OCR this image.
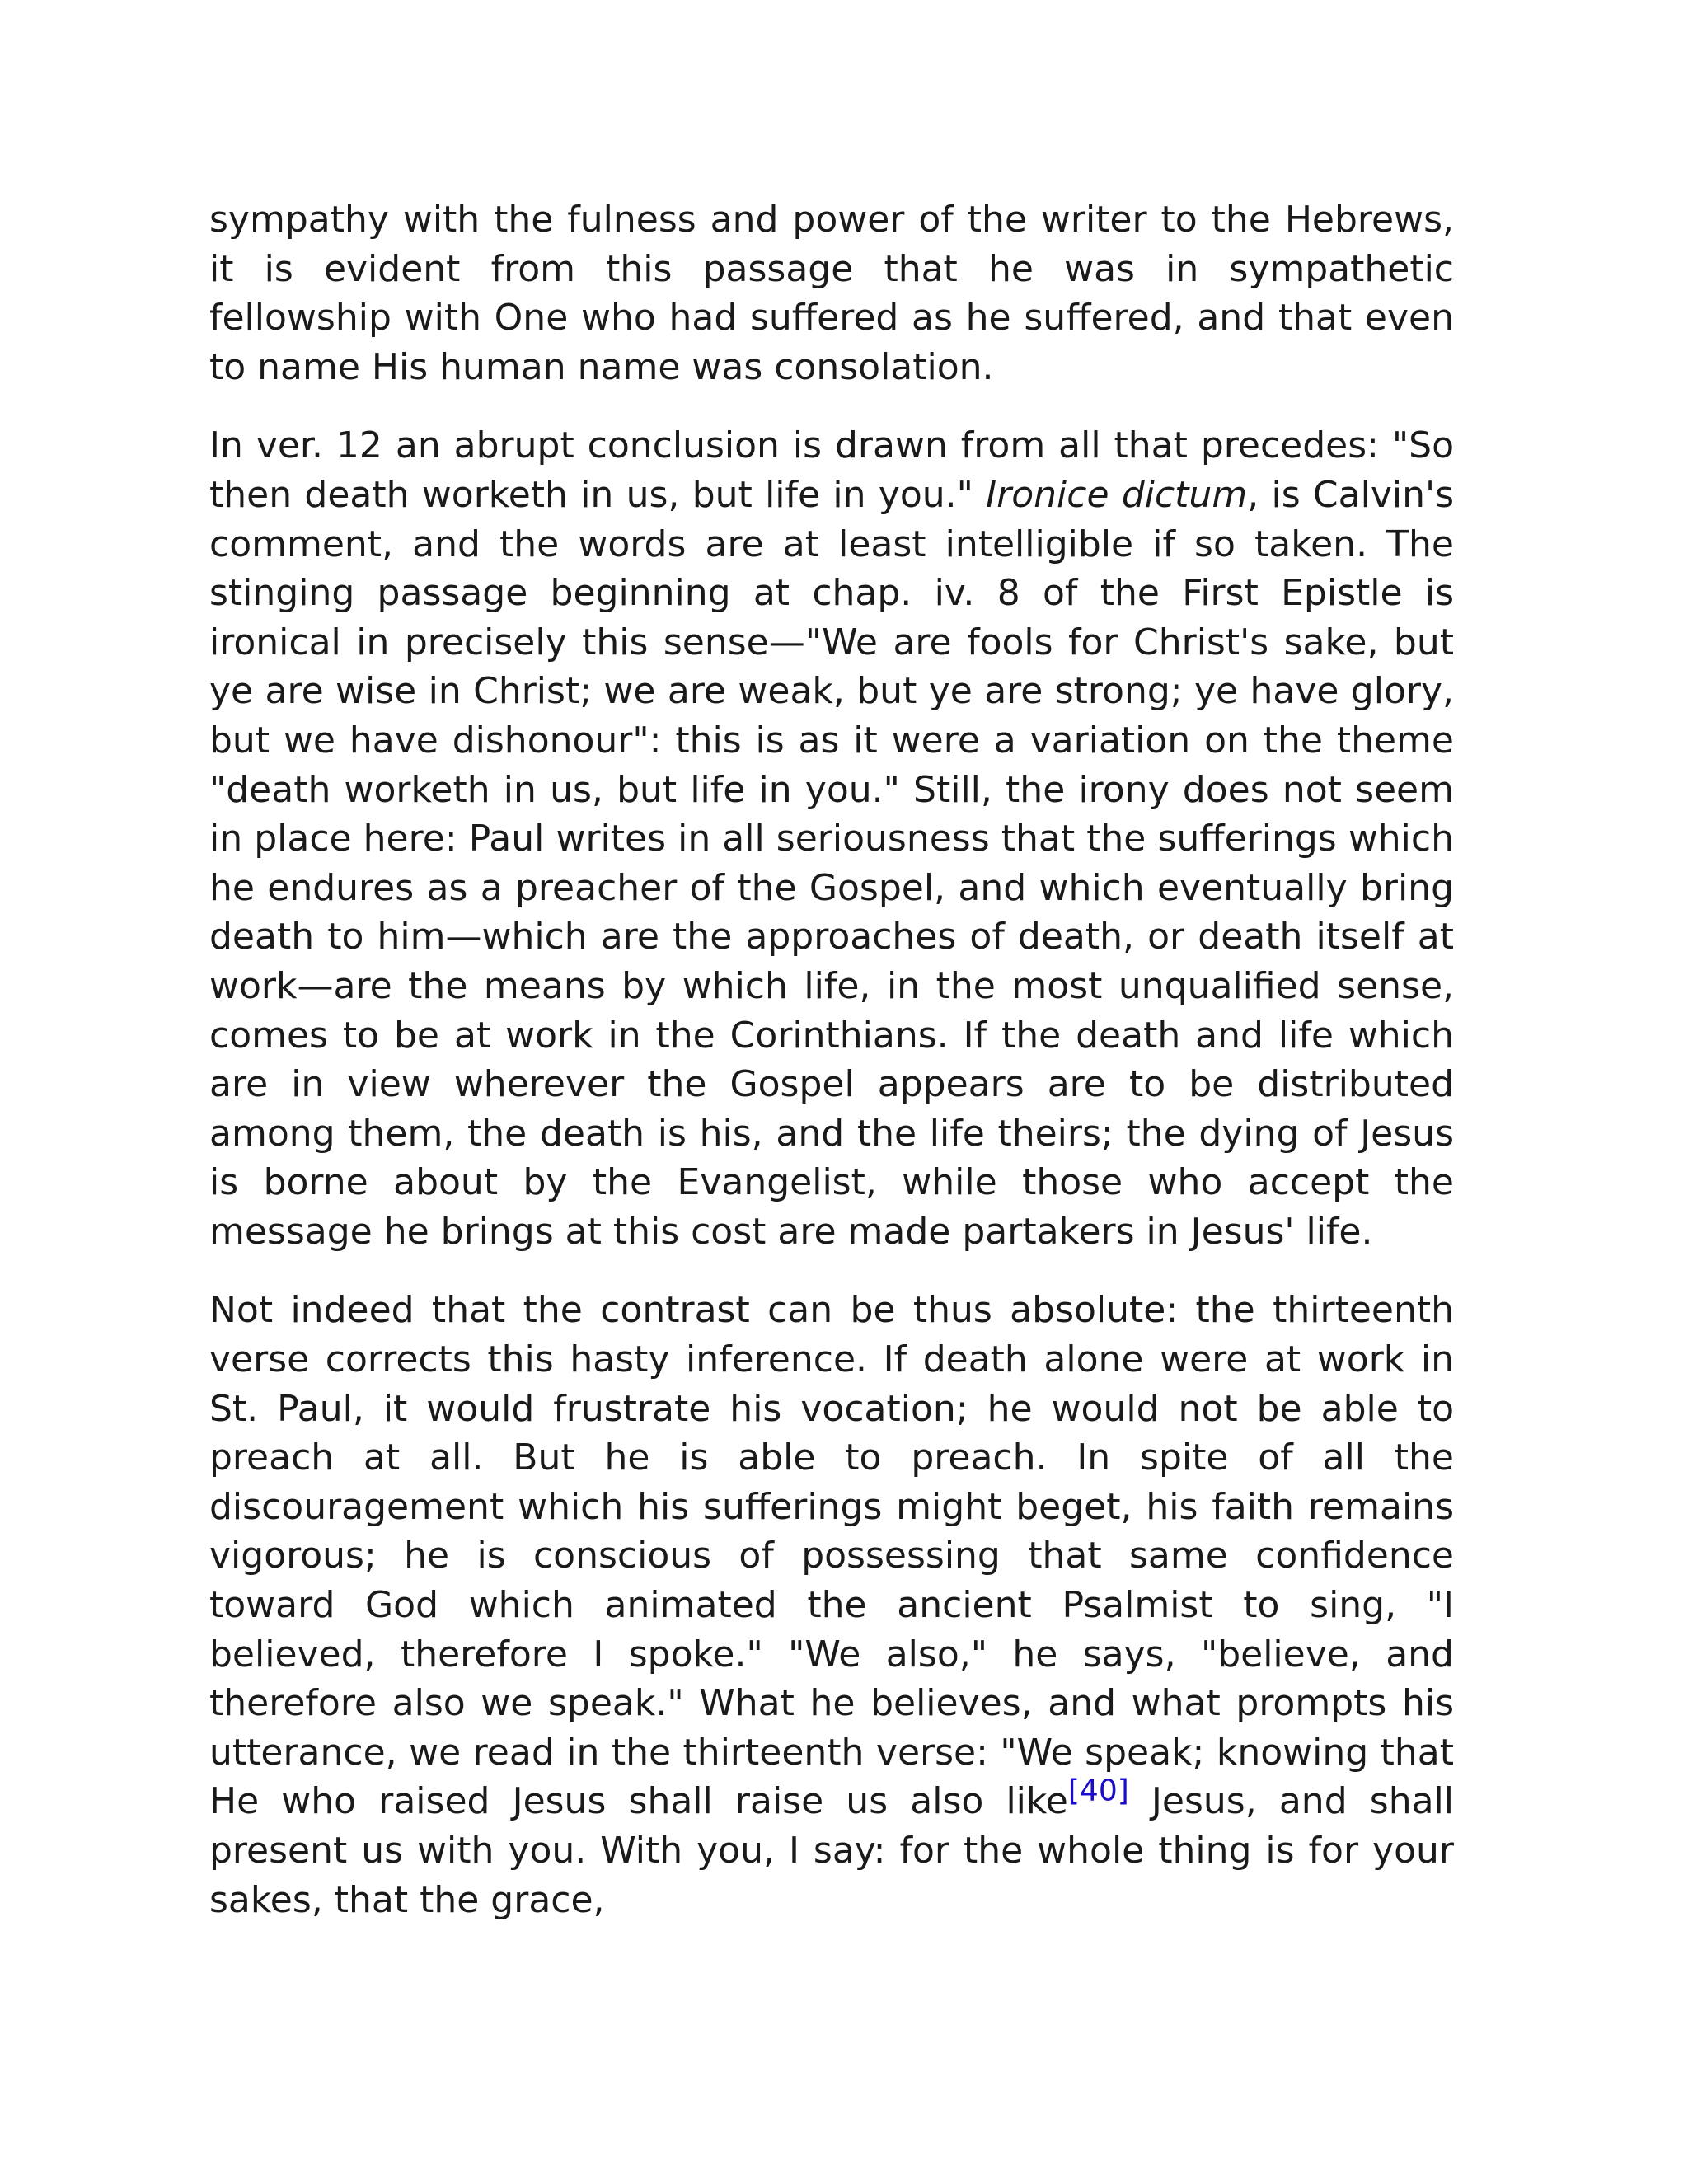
sympathy with the fulness and power of the writer to the Hebrews, it is evident from this passage that he was in sympathetic fellowship with One who had suffered as he suffered, and that even to name His human name was consolation.

In ver. 12 an abrupt conclusion is drawn from all that precedes: "So then death worketh in us, but life in you." Ironice dictum, is Calvin's comment, and the words are at least intelligible if so taken. The stinging passage beginning at chap. iv. 8 of the First Epistle is ironical in precisely this sense—"We are fools for Christ's sake, but ye are wise in Christ; we are weak, but ye are strong; ye have glory, but we have dishonour": this is as it were a variation on the theme "death worketh in us, but life in you." Still, the irony does not seem in place here: Paul writes in all seriousness that the sufferings which he endures as a preacher of the Gospel, and which eventually bring death to him—which are the approaches of death, or death itself at work—are the means by which life, in the most unqualified sense, comes to be at work in the Corinthians. If the death and life which are in view wherever the Gospel appears are to be distributed among them, the death is his, and the life theirs; the dying of Jesus is borne about by the Evangelist, while those who accept the message he brings at this cost are made partakers in Jesus' life.

Not indeed that the contrast can be thus absolute: the thirteenth verse corrects this hasty inference. If death alone were at work in St. Paul, it would frustrate his vocation; he would not be able to preach at all. But he is able to preach. In spite of all the discouragement which his sufferings might beget, his faith remains vigorous; he is conscious of possessing that same confidence toward God which animated the ancient Psalmist to sing, "I believed, therefore I spoke." "We also," he says, "believe, and therefore also we speak." What he believes, and what prompts his utterance, we read in the thirteenth verse: "We speak; knowing that He who raised Jesus shall raise us also like[40] Jesus, and shall present us with you. With you, I say: for the whole thing is for your sakes, that the grace,
